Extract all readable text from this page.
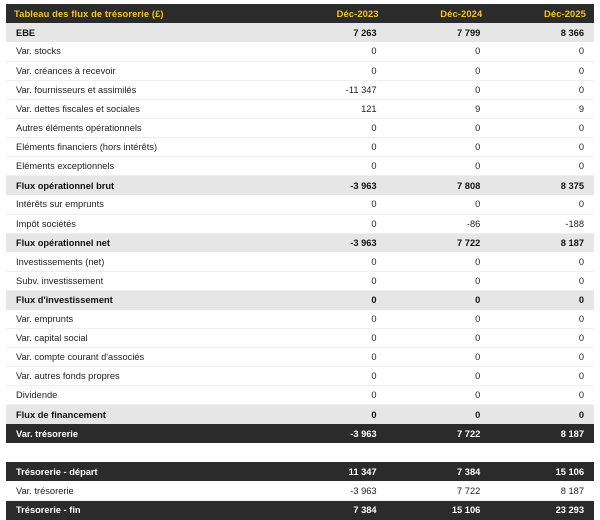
Tableau des flux de trésorerie (£)	Déc-2023	Déc-2024	Déc-2025
EBE	7 263	7 799	8 366
Var. stocks	0	0	0
Var. créances à recevoir	0	0	0
Var. fournisseurs et assimilés	-11 347	0	0
Var. dettes fiscales et sociales	121	9	9
Autres éléments opérationnels	0	0	0
Eléments financiers (hors intérêts)	0	0	0
Eléments exceptionnels	0	0	0
Flux opérationnel brut	-3 963	7 808	8 375
Intérêts sur emprunts	0	0	0
Impôt sociétés	0	-86	-188
Flux opérationnel net	-3 963	7 722	8 187
Investissements (net)	0	0	0
Subv. investissement	0	0	0
Flux d'investissement	0	0	0
Var. emprunts	0	0	0
Var. capital social	0	0	0
Var. compte courant d'associés	0	0	0
Var. autres fonds propres	0	0	0
Dividende	0	0	0
Flux de financement	0	0	0
Var. trésorerie	-3 963	7 722	8 187

Trésorerie - départ	11 347	7 384	15 106
Var. trésorerie	-3 963	7 722	8 187
Trésorerie - fin	7 384	15 106	23 293
